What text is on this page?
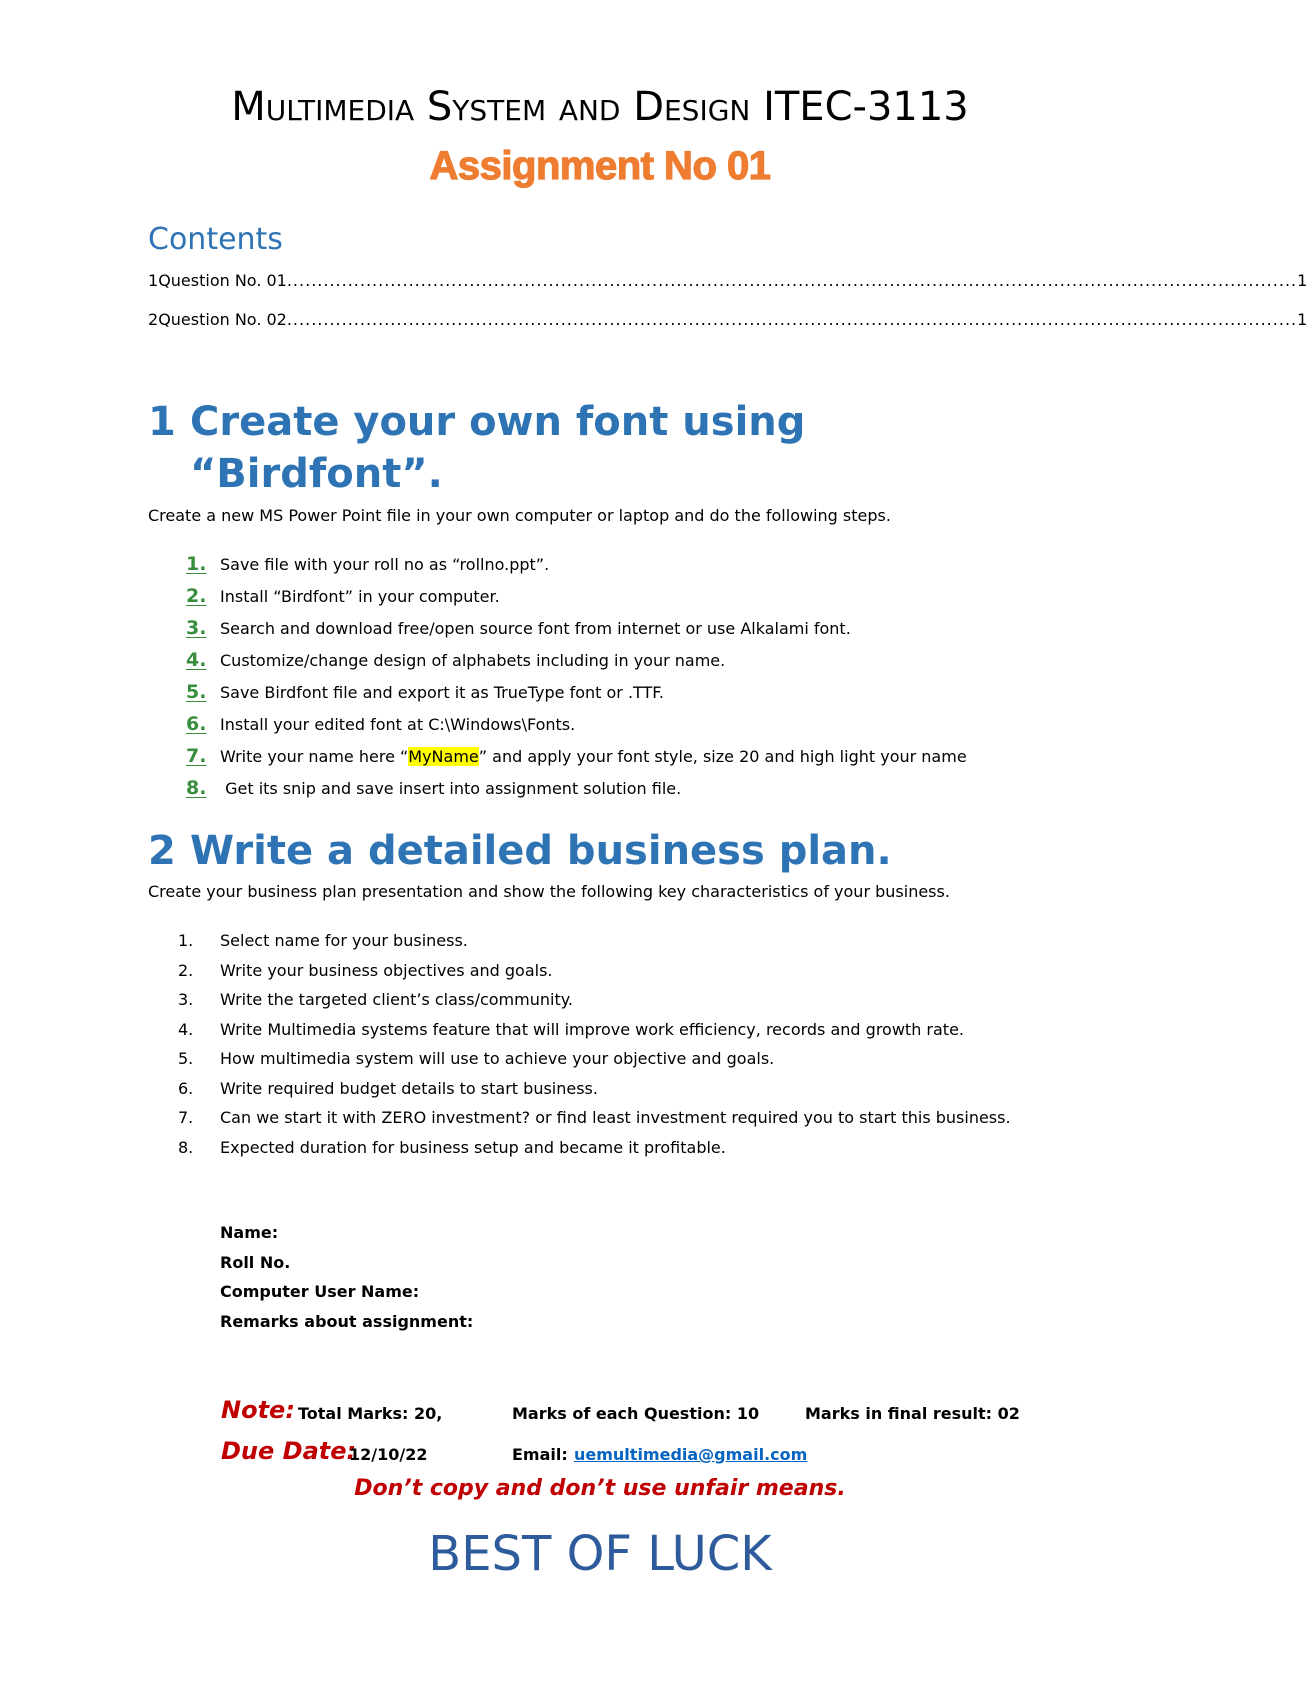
Multimedia System and Design ITEC-3113
Assignment No 01
Contents
1 Question No. 01 ...................................................................................................................................................................... 1
2 Question No. 02 ...................................................................................................................................................................... 1
1 Create your own font using
“Birdfont”.
Create a new MS Power Point file in your own computer or laptop and do the following steps.
1. Save file with your roll no as “rollno.ppt”.
2. Install “Birdfont” in your computer.
3. Search and download free/open source font from internet or use Alkalami font.
4. Customize/change design of alphabets including in your name.
5. Save Birdfont file and export it as TrueType font or .TTF.
6. Install your edited font at C:\Windows\Fonts.
7. Write your name here “ MyName ” and apply your font style, size 20 and high light your name
8. Get its snip and save insert into assignment solution file.
2 Write a detailed business plan.
Create your business plan presentation and show the following key characteristics of your business.
1.	Select name for your business.
2.	Write your business objectives and goals.
3.	Write the targeted client’s class/community.
4.	Write Multimedia systems feature that will improve work efficiency, records and growth rate.
5.	How multimedia system will use to achieve your objective and goals.
6.	Write required budget details to start business.
7.	Can we start it with ZERO investment? or find least investment required you to start this business.
8.	Expected duration for business setup and became it profitable.
Name:
Roll No.
Computer User Name:
Remarks about assignment:
Note: Total Marks: 20,	Marks of each Question: 10	Marks in final result: 02
Due Date:
12/10/22	Email: uemultimedia@gmail.com
Don’t copy and don’t use unfair means.
BEST OF LUCK
